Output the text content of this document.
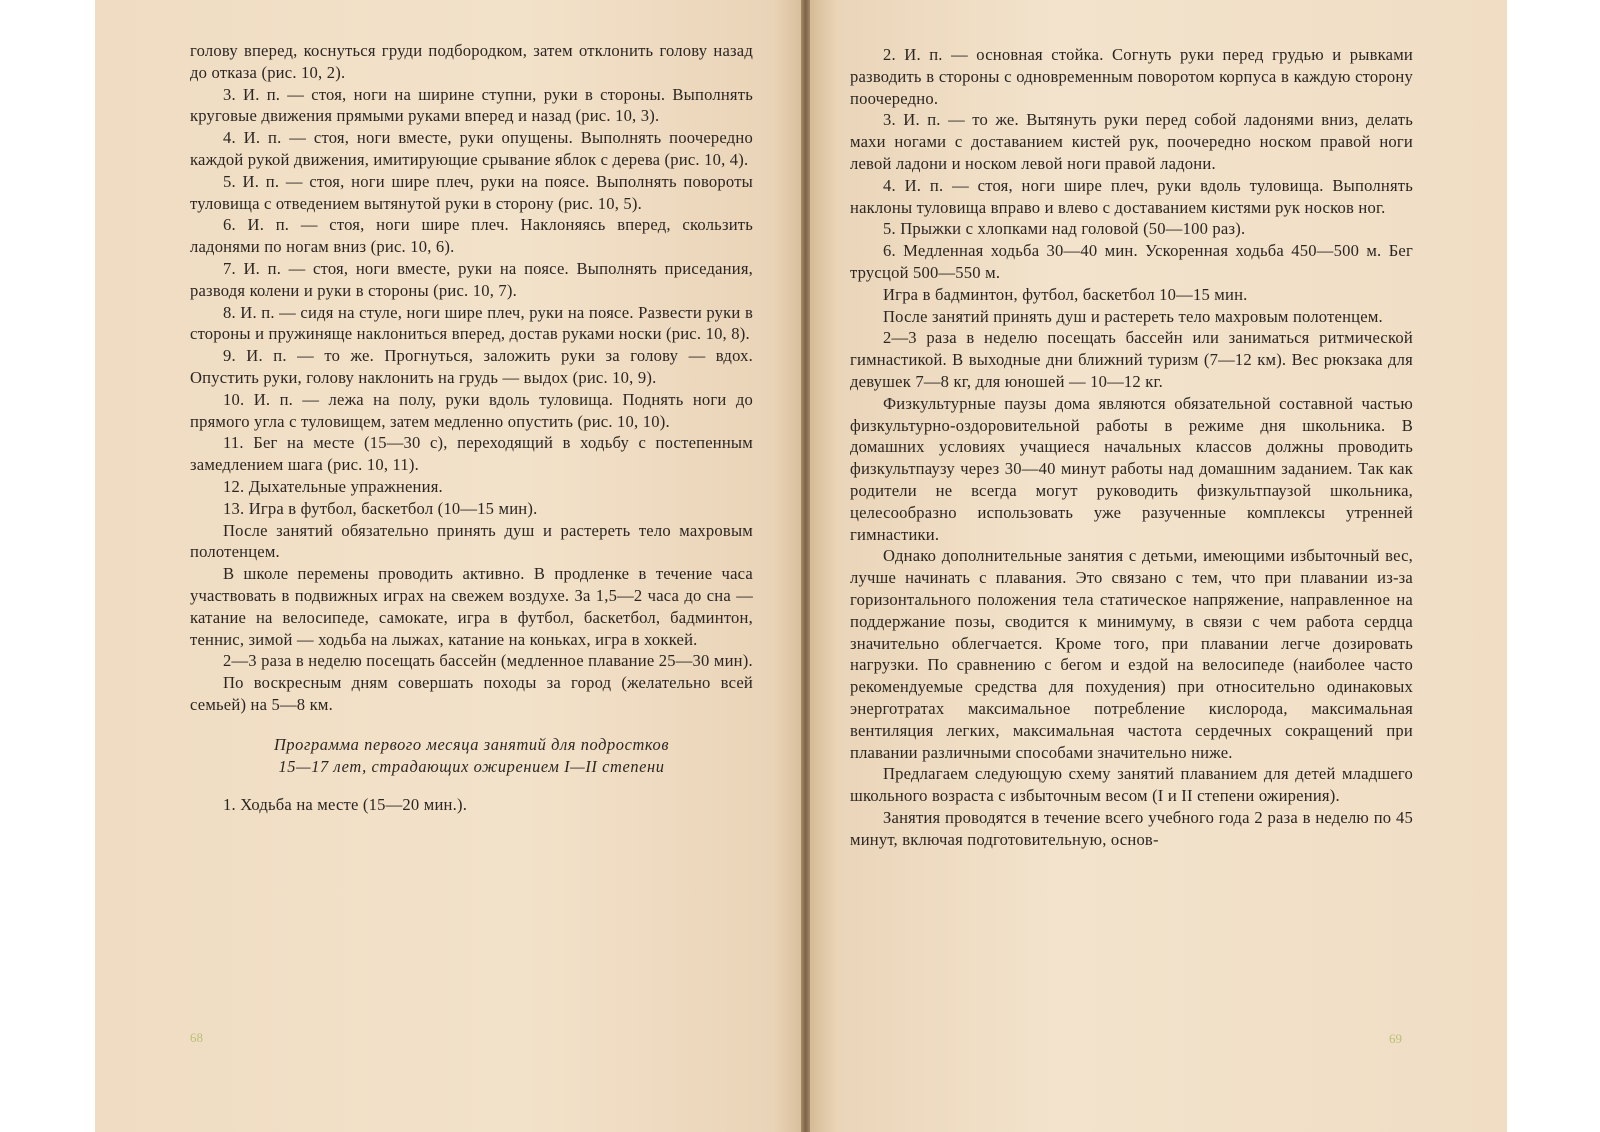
голову вперед, коснуться груди подбородком, затем отклонить голову назад до отказа (рис. 10, 2).

3. И. п. — стоя, ноги на ширине ступни, руки в стороны. Выполнять круговые движения прямыми руками вперед и назад (рис. 10, 3).

4. И. п. — стоя, ноги вместе, руки опущены. Выполнять поочередно каждой рукой движения, имитирующие срывание яблок с дерева (рис. 10, 4).

5. И. п. — стоя, ноги шире плеч, руки на поясе. Выполнять повороты туловища с отведением вытянутой руки в сторону (рис. 10, 5).

6. И. п. — стоя, ноги шире плеч. Наклоняясь вперед, скользить ладонями по ногам вниз (рис. 10, 6).

7. И. п. — стоя, ноги вместе, руки на поясе. Выполнять приседания, разводя колени и руки в стороны (рис. 10, 7).

8. И. п. — сидя на стуле, ноги шире плеч, руки на поясе. Развести руки в стороны и пружинящe наклониться вперед, достав руками носки (рис. 10, 8).

9. И. п. — то же. Прогнуться, заложить руки за голову — вдох. Опустить руки, голову наклонить на грудь — выдох (рис. 10, 9).

10. И. п. — лежа на полу, руки вдоль туловища. Поднять ноги до прямого угла с туловищем, затем медленно опустить (рис. 10, 10).

11. Бег на месте (15—30 с), переходящий в ходьбу с постепенным замедлением шага (рис. 10, 11).

12. Дыхательные упражнения.

13. Игра в футбол, баскетбол (10—15 мин).

После занятий обязательно принять душ и растереть тело махровым полотенцем.

В школе перемены проводить активно. В продленке в течение часа участвовать в подвижных играх на свежем воздухе. За 1,5—2 часа до сна — катание на велосипеде, самокате, игра в футбол, баскетбол, бадминтон, теннис, зимой — ходьба на лыжах, катание на коньках, игра в хоккей.

2—3 раза в неделю посещать бассейн (медленное плавание 25—30 мин).

По воскресным дням совершать походы за город (желательно всей семьей) на 5—8 км.

Программа первого месяца занятий для подростков
15—17 лет, страдающих ожирением I—II степени

1. Ходьба на месте (15—20 мин.).

68

2. И. п. — основная стойка. Согнуть руки перед грудью и рывками разводить в стороны с одновременным поворотом корпуса в каждую сторону поочередно.

3. И. п. — то же. Вытянуть руки перед собой ладонями вниз, делать махи ногами с доставанием кистей рук, поочередно носком правой ноги левой ладони и носком левой ноги правой ладони.

4. И. п. — стоя, ноги шире плеч, руки вдоль туловища. Выполнять наклоны туловища вправо и влево с доставанием кистями рук носков ног.

5. Прыжки с хлопками над головой (50—100 раз).

6. Медленная ходьба 30—40 мин. Ускоренная ходьба 450—500 м. Бег трусцой 500—550 м.

Игра в бадминтон, футбол, баскетбол 10—15 мин.

После занятий принять душ и растереть тело махровым полотенцем.

2—3 раза в неделю посещать бассейн или заниматься ритмической гимнастикой. В выходные дни ближний туризм (7—12 км). Вес рюкзака для девушек 7—8 кг, для юношей — 10—12 кг.

Физкультурные паузы дома являются обязательной составной частью физкультурно-оздоровительной работы в режиме дня школьника. В домашних условиях учащиеся начальных классов должны проводить физкультпаузу через 30—40 минут работы над домашним заданием. Так как родители не всегда могут руководить физкультпаузой школьника, целесообразно использовать уже разученные комплексы утренней гимнастики.

Однако дополнительные занятия с детьми, имеющими избыточный вес, лучше начинать с плавания. Это связано с тем, что при плавании из-за горизонтального положения тела статическое напряжение, направленное на поддержание позы, сводится к минимуму, в связи с чем работа сердца значительно облегчается. Кроме того, при плавании легче дозировать нагрузки. По сравнению с бегом и ездой на велосипеде (наиболее часто рекомендуемые средства для похудения) при относительно одинаковых энерготратах максимальное потребление кислорода, максимальная вентиляция легких, максимальная частота сердечных сокращений при плавании различными способами значительно ниже.

Предлагаем следующую схему занятий плаванием для детей младшего школьного возраста с избыточным весом (I и II степени ожирения).

Занятия проводятся в течение всего учебного года 2 раза в неделю по 45 минут, включая подготовительную, основ-

69
